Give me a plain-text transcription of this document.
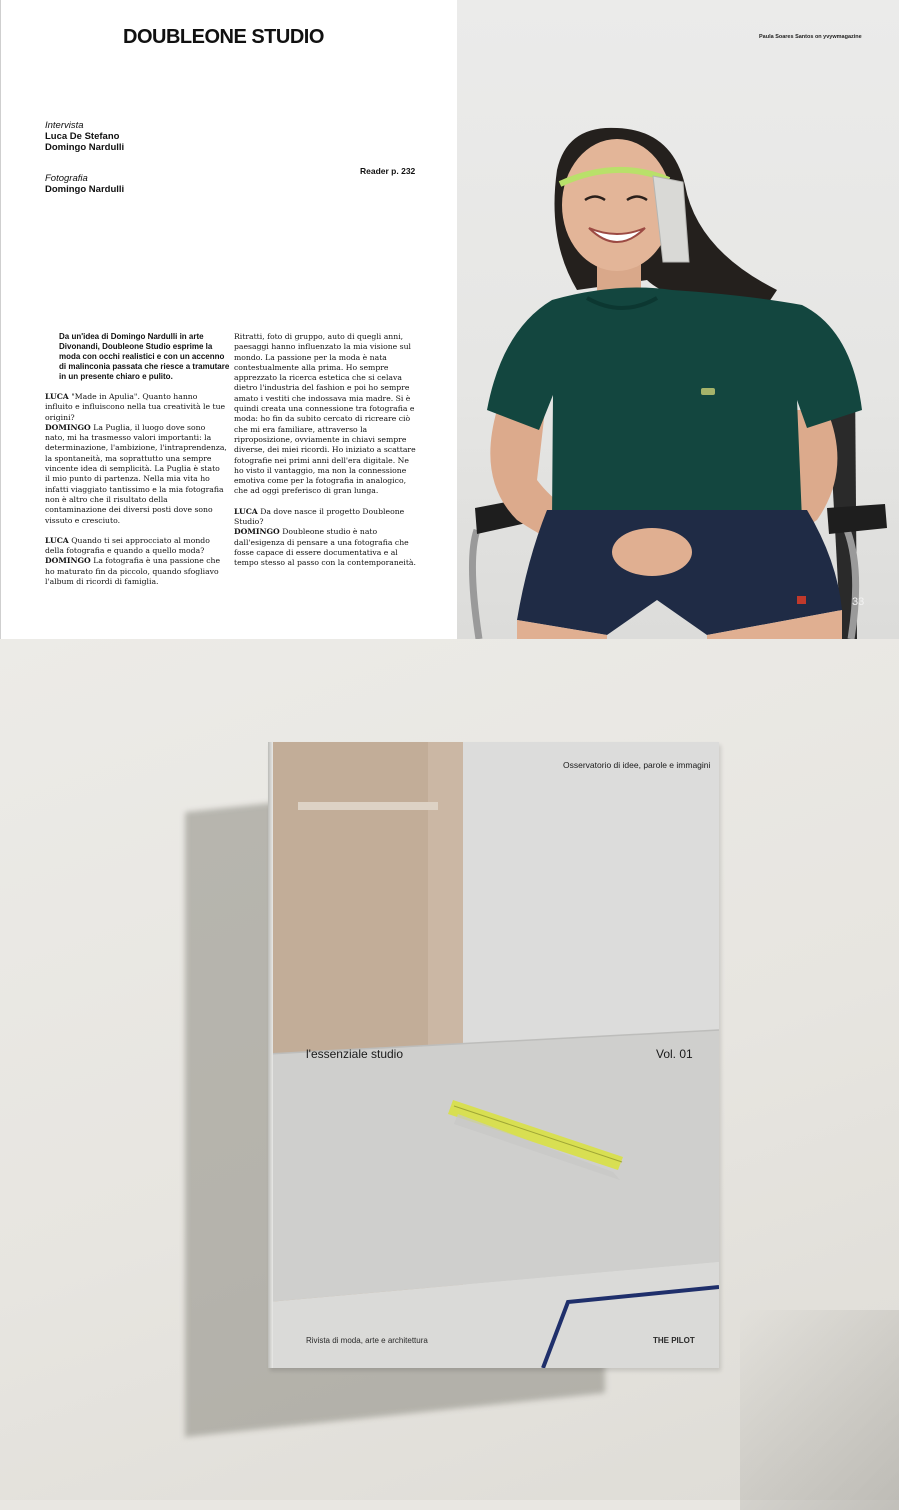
DOUBLEONE STUDIO
Intervista
Luca De Stefano
Domingo Nardulli
Fotografia
Domingo Nardulli
Reader p. 232
Da un'idea di Domingo Nardulli in arte Divonandi, Doubleone Studio esprime la moda con occhi realistici e con un accenno di malinconia passata che riesce a tramutare in un presente chiaro e pulito.

LUCA "Made in Apulia". Quanto hanno influito e influiscono nella tua creatività le tue origini?
DOMINGO La Puglia, il luogo dove sono nato, mi ha trasmesso valori importanti: la determinazione, l'ambizione, l'intraprendenza, la spontaneità, ma soprattutto una sempre vincente idea di semplicità. La Puglia è stato il mio punto di partenza. Nella mia vita ho infatti viaggiato tantissimo e la mia fotografia non è altro che il risultato della contaminazione dei diversi posti dove sono vissuto e cresciuto.

LUCA Quando ti sei approcciato al mondo della fotografia e quando a quello moda?
DOMINGO La fotografia è una passione che ho maturato fin da piccolo, quando sfogliavo l'album di ricordi di famiglia.

Ritratti, foto di gruppo, auto di quegli anni, paesaggi hanno influenzato la mia visione sul mondo. La passione per la moda è nata contestualmente alla prima. Ho sempre apprezzato la ricerca estetica che si celava dietro l'industria del fashion e poi ho sempre amato i vestiti che indossava mia madre. Si è quindi creata una connessione tra fotografia e moda: ho fin da subito cercato di ricreare ciò che mi era familiare, attraverso la riproposizione, ovviamente in chiavi sempre diverse, dei miei ricordi. Ho iniziato a scattare fotografie nei primi anni dell'era digitale. Ne ho visto il vantaggio, ma non la connessione emotiva come per la fotografia in analogico, che ad oggi preferisco di gran lunga.

LUCA Da dove nasce il progetto Doubleone Studio?
DOMINGO Doubleone studio è nato dall'esigenza di pensare a una fotografia che fosse capace di essere documentativa e al tempo stesso al passo con la contemporaneità.

Paula Soares Santos on yvywmagazine
33
Osservatorio di idee, parole e immagini
l'essenziale studio	Vol. 01
Rivista di moda, arte e architettura	THE PILOT
